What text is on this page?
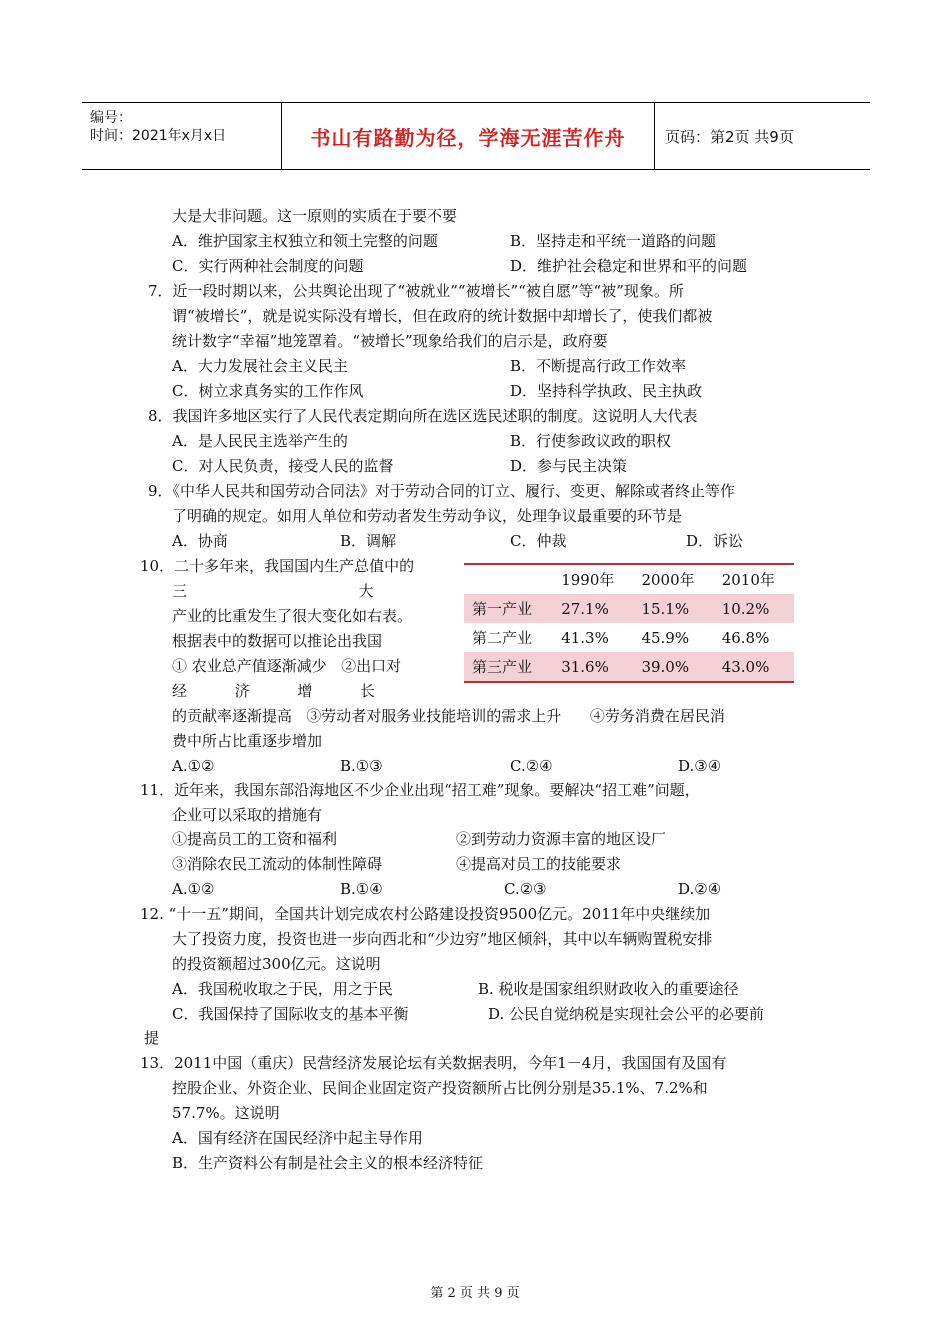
编号：
时间：2021年x月x日	书山有路勤为径，学海无涯苦作舟	页码：第2页 共9页
大是大非问题。这一原则的实质在于要不要
A．维护国家主权独立和领土完整的问题	B．坚持走和平统一道路的问题
C．实行两种社会制度的问题	D．维护社会稳定和世界和平的问题
7．近一段时期以来，公共舆论出现了“被就业”“被增长”“被自愿”等“被”现象。所
谓“被增长”，就是说实际没有增长，但在政府的统计数据中却增长了，使我们都被
统计数字“幸福”地笼罩着。“被增长”现象给我们的启示是，政府要
A．大力发展社会主义民主	B．不断提高行政工作效率
C．树立求真务实的工作作风	D．坚持科学执政、民主执政
8．我国许多地区实行了人民代表定期向所在选区选民述职的制度。这说明人大代表
A．是人民民主选举产生的	B．行使参政议政的职权
C．对人民负责，接受人民的监督	D．参与民主决策
9．《中华人民共和国劳动合同法》对于劳动合同的订立、履行、变更、解除或者终止等作
了明确的规定。如用人单位和劳动者发生劳动争议，处理争议最重要的环节是
A．协商	B．调解	C．仲裁	D．诉讼
10．二十多年来，我国国内生产总值中的
三                                    大
产业的比重发生了很大变化如右表。
根据表中的数据可以推论出我国
① 农业总产值逐渐减少   ②出口对
经          济          增          长
的贡献率逐渐提高   ③劳动者对服务业技能培训的需求上升      ④劳务消费在居民消
费中所占比重逐步增加
A.①②	B.①③	C.②④	D.③④
	1990年	2000年	2010年
第一产业	27.1%	15.1%	10.2%
第二产业	41.3%	45.9%	46.8%
第三产业	31.6%	39.0%	43.0%
11．近年来，我国东部沿海地区不少企业出现“招工难”现象。要解决“招工难”问题，
企业可以采取的措施有
①提高员工的工资和福利	②到劳动力资源丰富的地区设厂
③消除农民工流动的体制性障碍	④提高对员工的技能要求
A.①②	B.①④	C.②③	D.②④
12. “十一五”期间，全国共计划完成农村公路建设投资9500亿元。2011年中央继续加
大了投资力度，投资也进一步向西北和“少边穷”地区倾斜，其中以车辆购置税安排
的投资额超过300亿元。这说明
A．我国税收取之于民，用之于民	B. 税收是国家组织财政收入的重要途径
C．我国保持了国际收支的基本平衡	D. 公民自觉纳税是实现社会公平的必要前
提
13．2011中国（重庆）民营经济发展论坛有关数据表明，今年1－4月，我国国有及国有
控股企业、外资企业、民间企业固定资产投资额所占比例分别是35.1%、7.2%和
57.7%。这说明
A．国有经济在国民经济中起主导作用
B．生产资料公有制是社会主义的根本经济特征
第 2 页 共 9 页
